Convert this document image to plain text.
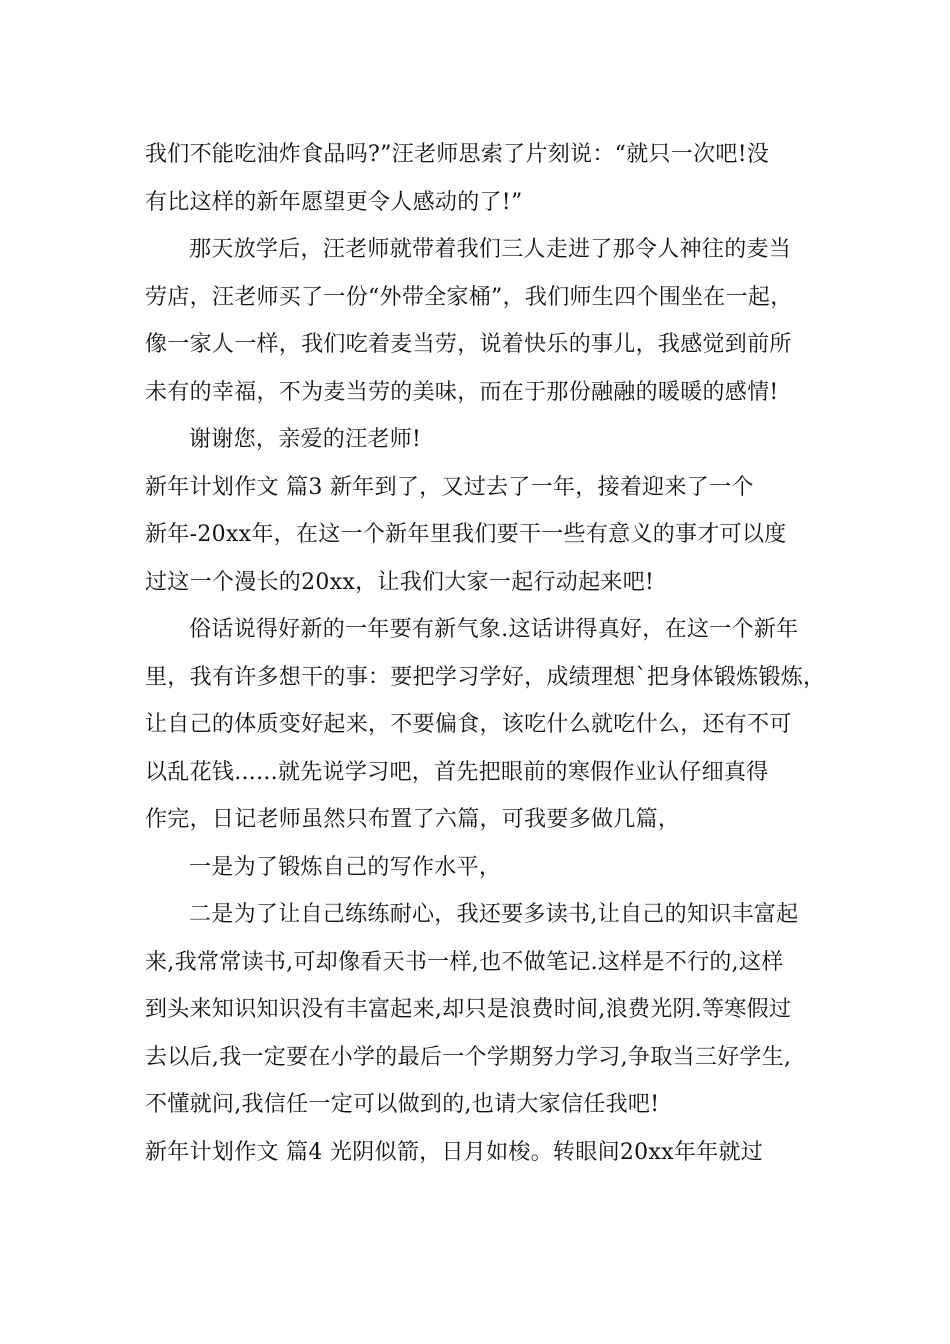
我们不能吃油炸食品吗?”汪老师思索了片刻说：“就只一次吧!没
有比这样的新年愿望更令人感动的了!”
那天放学后，汪老师就带着我们三人走进了那令人神往的麦当
劳店，汪老师买了一份“外带全家桶”，我们师生四个围坐在一起，
像一家人一样，我们吃着麦当劳，说着快乐的事儿，我感觉到前所
未有的幸福，不为麦当劳的美味，而在于那份融融的暖暖的感情!
谢谢您，亲爱的汪老师!
新年计划作文 篇3 新年到了，又过去了一年，接着迎来了一个
新年-20xx年，在这一个新年里我们要干一些有意义的事才可以度
过这一个漫长的20xx，让我们大家一起行动起来吧!
俗话说得好新的一年要有新气象.这话讲得真好，在这一个新年
里，我有许多想干的事：要把学习学好，成绩理想`把身体锻炼锻炼，
让自己的体质变好起来，不要偏食，该吃什么就吃什么，还有不可
以乱花钱......就先说学习吧，首先把眼前的寒假作业认仔细真得
作完，日记老师虽然只布置了六篇，可我要多做几篇，
一是为了锻炼自己的写作水平，
二是为了让自己练练耐心，我还要多读书,让自己的知识丰富起
来,我常常读书,可却像看天书一样,也不做笔记.这样是不行的,这样
到头来知识知识没有丰富起来,却只是浪费时间,浪费光阴.等寒假过
去以后,我一定要在小学的最后一个学期努力学习,争取当三好学生,
不懂就问,我信任一定可以做到的,也请大家信任我吧!
新年计划作文 篇4 光阴似箭，日月如梭。转眼间20xx年年就过
